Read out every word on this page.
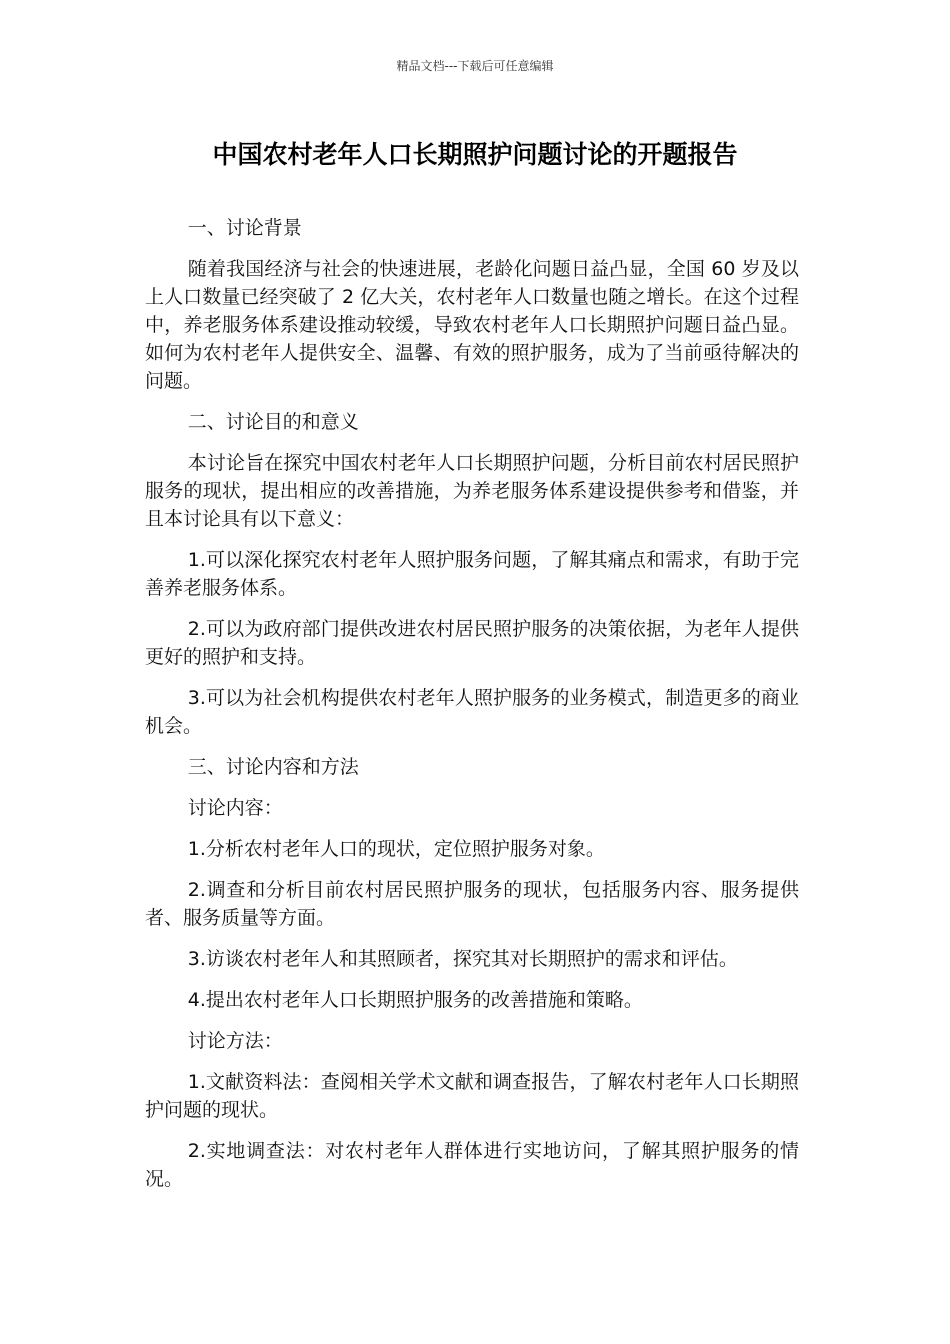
精品文档---下载后可任意编辑
中国农村老年人口长期照护问题讨论的开题报告

一、讨论背景

随着我国经济与社会的快速进展，老龄化问题日益凸显，全国 60 岁及以上人口数量已经突破了 2 亿大关，农村老年人口数量也随之增长。在这个过程中，养老服务体系建设推动较缓，导致农村老年人口长期照护问题日益凸显。如何为农村老年人提供安全、温馨、有效的照护服务，成为了当前亟待解决的问题。

二、讨论目的和意义

本讨论旨在探究中国农村老年人口长期照护问题，分析目前农村居民照护服务的现状，提出相应的改善措施，为养老服务体系建设提供参考和借鉴，并且本讨论具有以下意义：

1.可以深化探究农村老年人照护服务问题，了解其痛点和需求，有助于完善养老服务体系。

2.可以为政府部门提供改进农村居民照护服务的决策依据，为老年人提供更好的照护和支持。

3.可以为社会机构提供农村老年人照护服务的业务模式，制造更多的商业机会。

三、讨论内容和方法

讨论内容：

1.分析农村老年人口的现状，定位照护服务对象。

2.调查和分析目前农村居民照护服务的现状，包括服务内容、服务提供者、服务质量等方面。

3.访谈农村老年人和其照顾者，探究其对长期照护的需求和评估。

4.提出农村老年人口长期照护服务的改善措施和策略。

讨论方法：

1.文献资料法：查阅相关学术文献和调查报告，了解农村老年人口长期照护问题的现状。

2.实地调查法：对农村老年人群体进行实地访问，了解其照护服务的情况。
